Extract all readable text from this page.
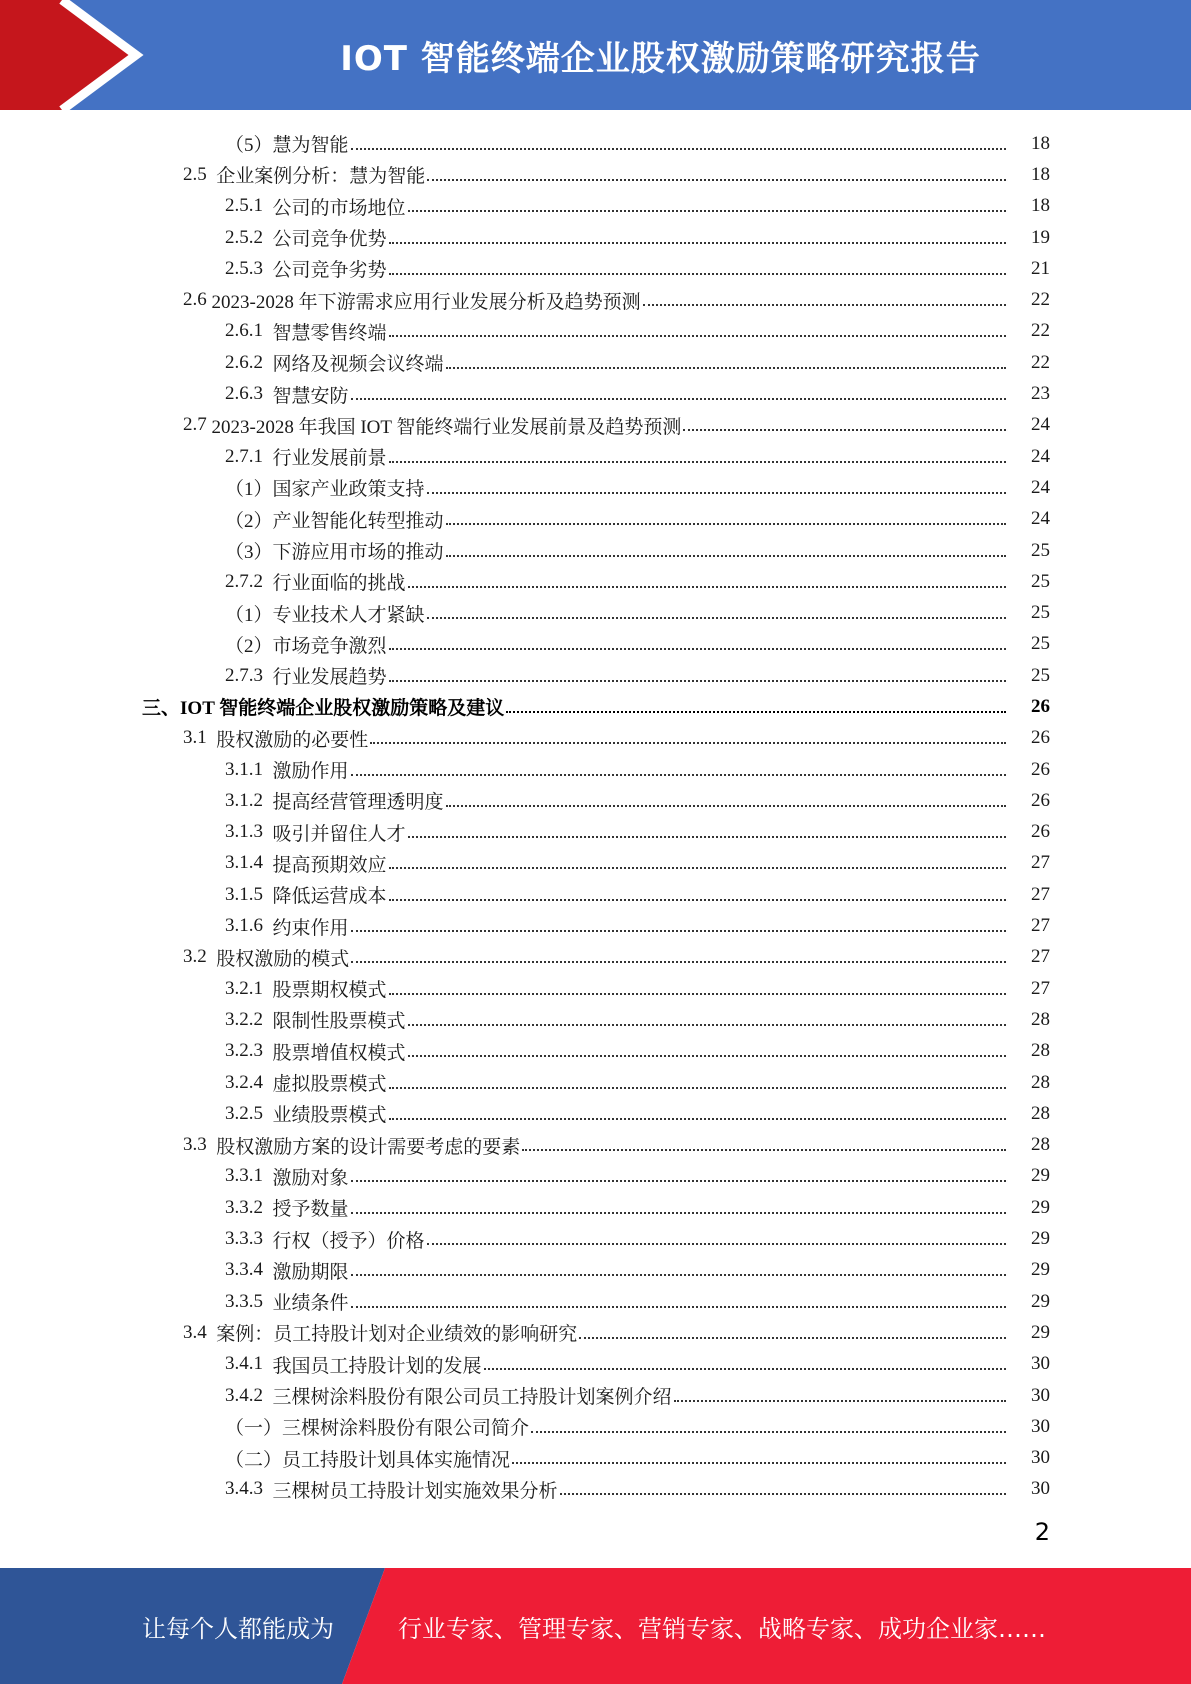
IOT 智能终端企业股权激励策略研究报告
（5） 慧为智能	18
2.5 企业案例分析：慧为智能	18
2.5.1 公司的市场地位	18
2.5.2 公司竞争优势	19
2.5.3 公司竞争劣势	21
2.6 2023-2028 年下游需求应用行业发展分析及趋势预测	22
2.6.1 智慧零售终端	22
2.6.2 网络及视频会议终端	22
2.6.3 智慧安防	23
2.7 2023-2028 年我国 IOT 智能终端行业发展前景及趋势预测	24
2.7.1 行业发展前景	24
（1） 国家产业政策支持	24
（2） 产业智能化转型推动	24
（3） 下游应用市场的推动	25
2.7.2 行业面临的挑战	25
（1） 专业技术人才紧缺	25
（2） 市场竞争激烈	25
2.7.3 行业发展趋势	25
三、 IOT 智能终端企业股权激励策略及建议	26
3.1 股权激励的必要性	26
3.1.1 激励作用	26
3.1.2 提高经营管理透明度	26
3.1.3 吸引并留住人才	26
3.1.4 提高预期效应	27
3.1.5 降低运营成本	27
3.1.6 约束作用	27
3.2 股权激励的模式	27
3.2.1 股票期权模式	27
3.2.2 限制性股票模式	28
3.2.3 股票增值权模式	28
3.2.4 虚拟股票模式	28
3.2.5 业绩股票模式	28
3.3 股权激励方案的设计需要考虑的要素	28
3.3.1 激励对象	29
3.3.2 授予数量	29
3.3.3 行权（授予）价格	29
3.3.4 激励期限	29
3.3.5 业绩条件	29
3.4 案例：员工持股计划对企业绩效的影响研究	29
3.4.1 我国员工持股计划的发展	30
3.4.2 三棵树涂料股份有限公司员工持股计划案例介绍	30
（一） 三棵树涂料股份有限公司简介	30
（二） 员工持股计划具体实施情况	30
3.4.3 三棵树员工持股计划实施效果分析	30
2
让每个人都能成为	行业专家、管理专家、营销专家、战略专家、成功企业家……
